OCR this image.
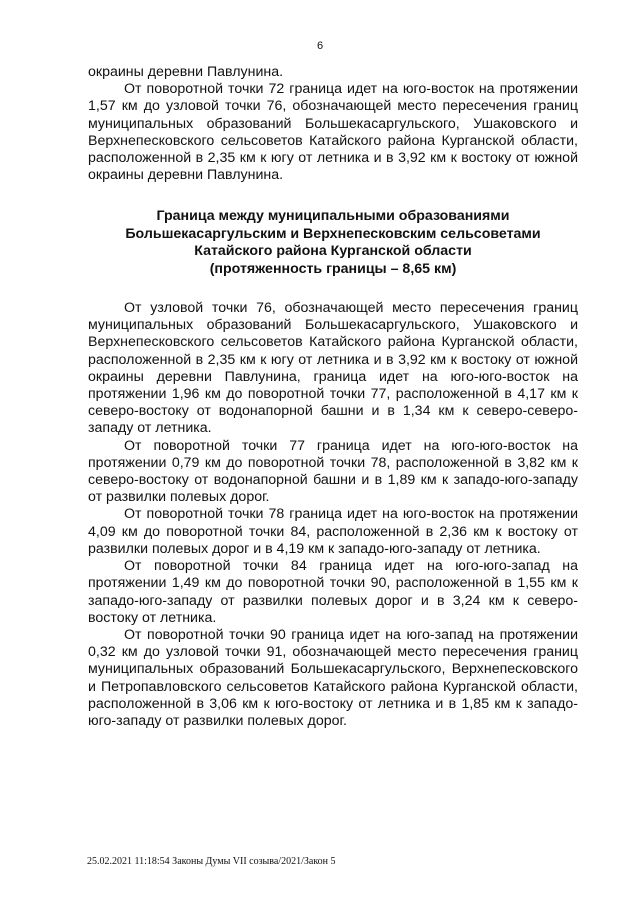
6

окраины деревни Павлунина.

От поворотной точки 72 граница идет на юго-восток на протяжении 1,57 км до узловой точки 76, обозначающей место пересечения границ муниципальных образований Большекасаргульского, Ушаковского и Верхнепесковского сельсоветов Катайского района Курганской области, расположенной в 2,35 км к югу от летника и в 3,92 км к востоку от южной окраины деревни Павлунина.

Граница между муниципальными образованиями
Большекасаргульским и Верхнепесковским сельсоветами
Катайского района Курганской области
(протяженность границы – 8,65 км)

От узловой точки 76, обозначающей место пересечения границ муниципальных образований Большекасаргульского, Ушаковского и Верхнепесковского сельсоветов Катайского района Курганской области, расположенной в 2,35 км к югу от летника и в 3,92 км к востоку от южной окраины деревни Павлунина, граница идет на юго-юго-восток на протяжении 1,96 км до поворотной точки 77, расположенной в 4,17 км к северо-востоку от водонапорной башни и в 1,34 км к северо-северо-западу от летника.

От поворотной точки 77 граница идет на юго-юго-восток на протяжении 0,79 км до поворотной точки 78, расположенной в 3,82 км к северо-востоку от водонапорной башни и в 1,89 км к западо-юго-западу от развилки полевых дорог.

От поворотной точки 78 граница идет на юго-восток на протяжении 4,09 км до поворотной точки 84, расположенной в 2,36 км к востоку от развилки полевых дорог и в 4,19 км к западо-юго-западу от летника.

От поворотной точки 84 граница идет на юго-юго-запад на протяжении 1,49 км до поворотной точки 90, расположенной в 1,55 км к западо-юго-западу от развилки полевых дорог и в 3,24 км к северо-востоку от летника.

От поворотной точки 90 граница идет на юго-запад на протяжении 0,32 км до узловой точки 91, обозначающей место пересечения границ муниципальных образований Большекасаргульского, Верхнепесковского и Петропавловского сельсоветов Катайского района Курганской области, расположенной в 3,06 км к юго-востоку от летника и в 1,85 км к западо-юго-западу от развилки полевых дорог.

25.02.2021 11:18:54 Законы Думы VII созыва/2021/Закон 5
